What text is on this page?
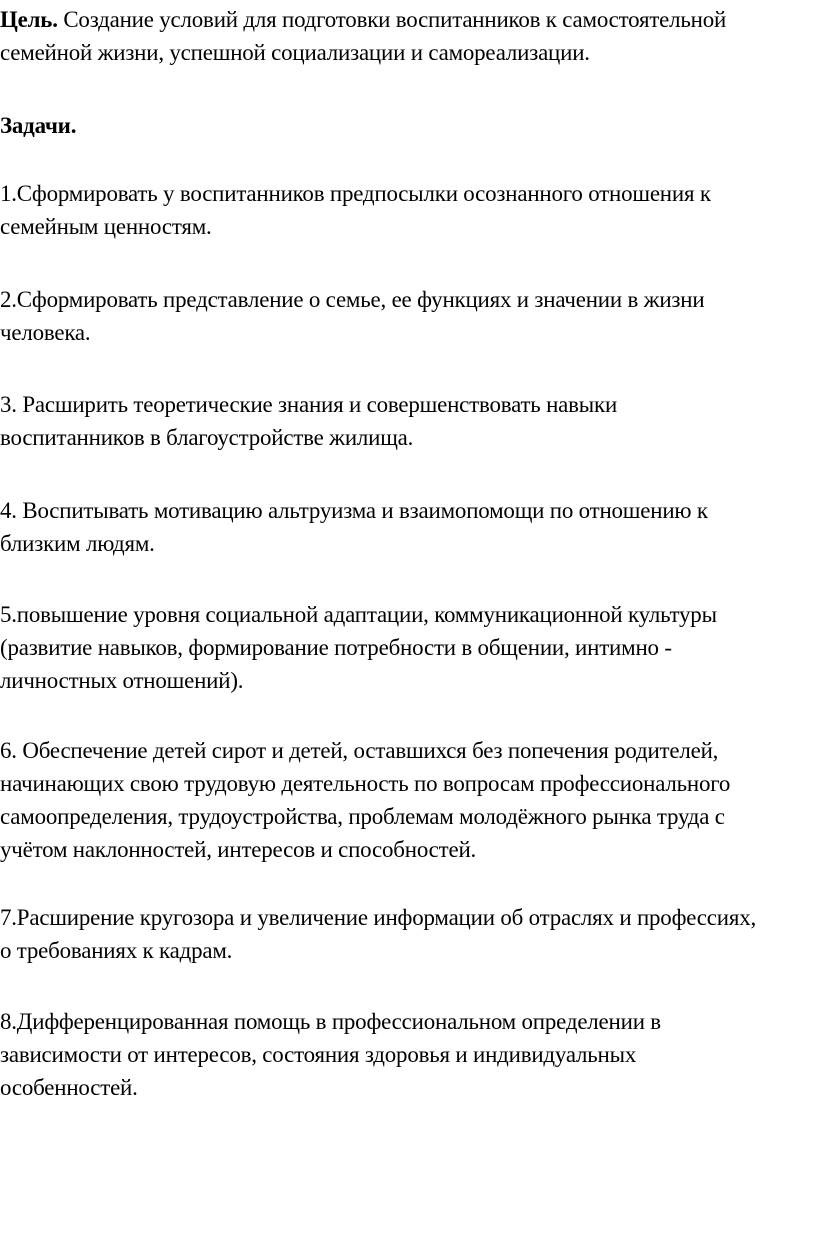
Цель. Создание условий для подготовки воспитанников к самостоятельной
семейной жизни, успешной социализации и самореализации.

Задачи.

1.Сформировать у воспитанников предпосылки осознанного отношения к
семейным ценностям.

2.Сформировать представление о семье, ее функциях и значении в жизни
человека.

3. Расширить теоретические знания и совершенствовать навыки
воспитанников в благоустройстве жилища.

4. Воспитывать мотивацию альтруизма и взаимопомощи по отношению к
близким людям.

5.повышение уровня социальной адаптации, коммуникационной культуры
(развитие навыков, формирование потребности в общении, интимно -
личностных отношений).

6. Обеспечение детей сирот и детей, оставшихся без попечения родителей,
начинающих свою трудовую деятельность по вопросам профессионального
самоопределения, трудоустройства, проблемам молодёжного рынка труда с
учётом наклонностей, интересов и способностей.

7.Расширение кругозора и увеличение информации об отраслях и профессиях,
о требованиях к кадрам.

8.Дифференцированная помощь в профессиональном определении в
зависимости от интересов, состояния здоровья и индивидуальных
особенностей.
